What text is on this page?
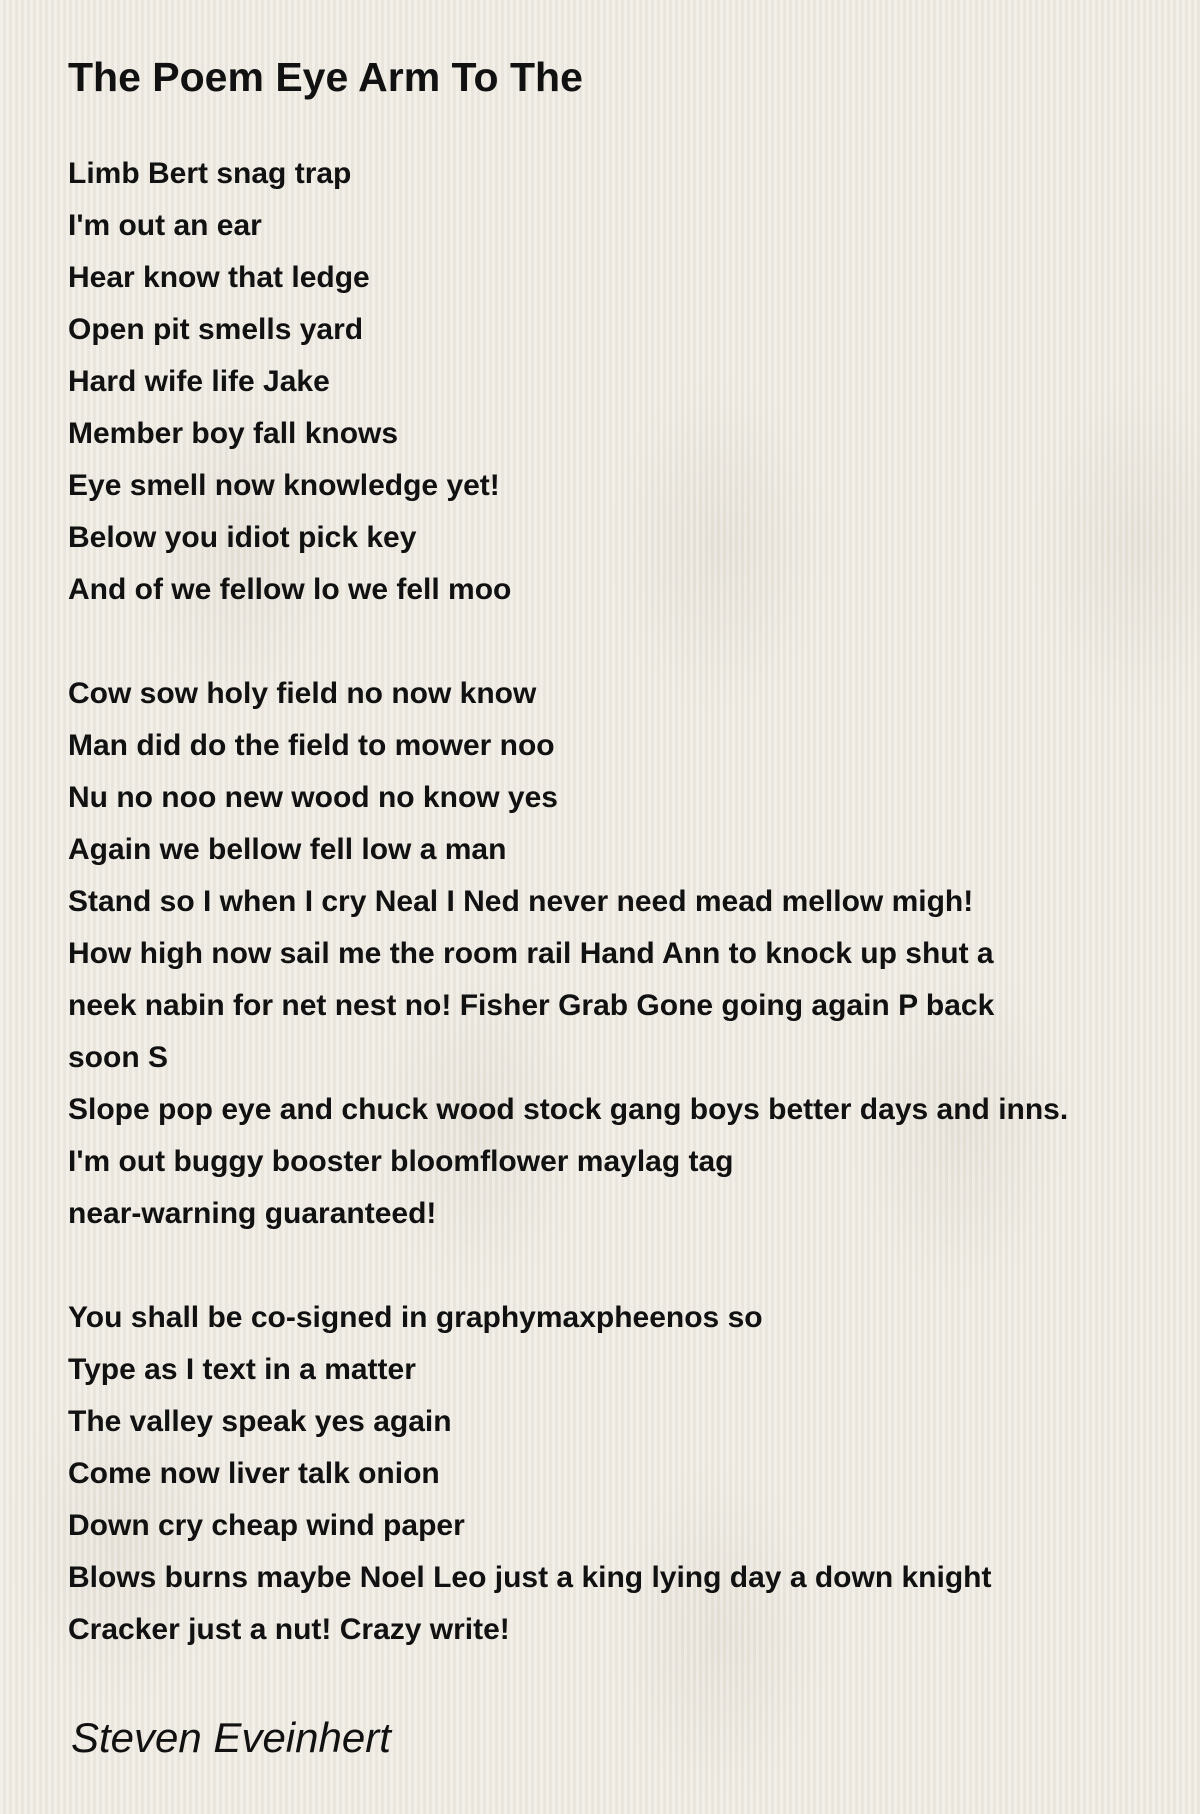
The Poem Eye Arm To The
Limb Bert snag trap
I'm out an ear
Hear know that ledge
Open pit smells yard
Hard wife life Jake
Member boy fall knows
Eye smell now knowledge yet!
Below you idiot pick key
And of we fellow lo we fell moo
Cow sow holy field no now know
Man did do the field to mower noo
Nu no noo new wood no know yes
Again we bellow fell low a man
Stand so I when I cry Neal I Ned never need mead mellow migh!
How high now sail me the room rail Hand Ann to knock up shut a
neek nabin for net nest no! Fisher Grab Gone going again P back
soon S
Slope pop eye and chuck wood stock gang boys better days and inns.
I'm out buggy booster bloomflower maylag tag
near-warning guaranteed!
You shall be co-signed in graphymaxpheenos so
Type as I text in a matter
The valley speak yes again
Come now liver talk onion
Down cry cheap wind paper
Blows burns maybe Noel Leo just a king lying day a down knight
Cracker just a nut! Crazy write!
Steven Eveinhert
